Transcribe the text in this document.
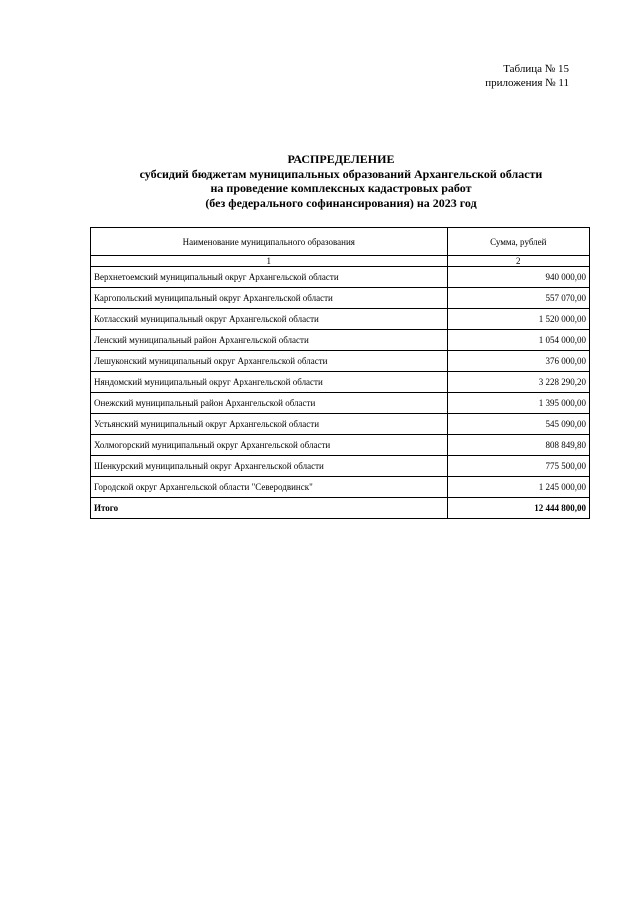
Таблица № 15
приложения № 11
РАСПРЕДЕЛЕНИЕ
субсидий бюджетам муниципальных образований Архангельской области
на проведение комплексных кадастровых работ
(без федерального софинансирования) на 2023 год
Наименование муниципального образования	Сумма, рублей
1	2
Верхнетоемский муниципальный округ Архангельской области	940 000,00
Каргопольский муниципальный округ Архангельской области	557 070,00
Котласский муниципальный округ Архангельской области	1 520 000,00
Ленский муниципальный район Архангельской области	1 054 000,00
Лешуконский муниципальный округ Архангельской области	376 000,00
Няндомский муниципальный округ Архангельской области	3 228 290,20
Онежский муниципальный район Архангельской области	1 395 000,00
Устьянский муниципальный округ Архангельской области	545 090,00
Холмогорский муниципальный округ Архангельской области	808 849,80
Шенкурский муниципальный округ Архангельской области	775 500,00
Городской округ Архангельской области "Северодвинск"	1 245 000,00
Итого	12 444 800,00
